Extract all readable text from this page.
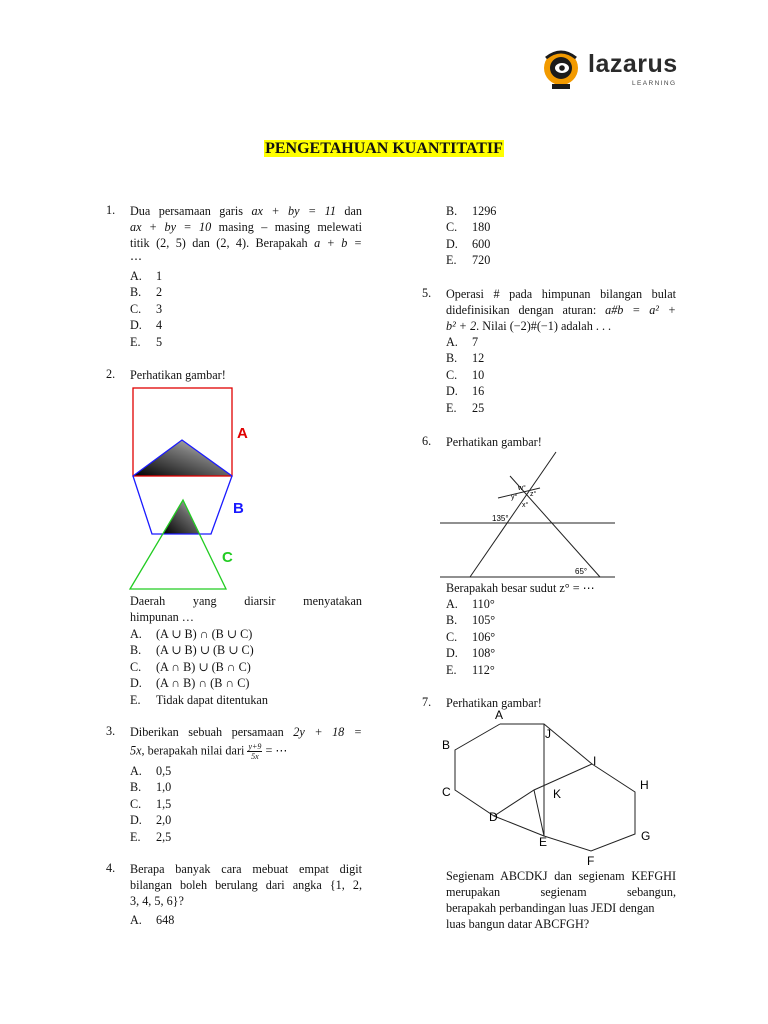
lazarus
LEARNING
PENGETAHUAN KUANTITATIF
1.	Dua persamaan garis ax + by = 11 dan
ax + by = 10 masing – masing melewati
titik (2, 5) dan (2, 4). Berapakah a + b =
⋯
A. 1
B. 2
C. 3
D. 4
E. 5
2.	Perhatikan gambar!
A
B
C
Daerah yang diarsir menyatakan
himpunan …
A. (A ∪ B) ∩ (B ∪ C)
B. (A ∪ B) ∪ (B ∪ C)
C. (A ∩ B) ∪ (B ∩ C)
D. (A ∩ B) ∩ (B ∩ C)
E. Tidak dapat ditentukan
3.	Diberikan sebuah persamaan 2y + 18 =
5x, berapakah nilai dari $\frac{y+9}{5x}$ = ⋯
A. 0,5
B. 1,0
C. 1,5
D. 2,0
E. 2,5
4.	Berapa banyak cara mebuat empat digit
bilangan boleh berulang dari angka {1, 2,
3, 4, 5, 6}?
A. 648
B. 1296
C. 180
D. 600
E. 720
5.	Operasi # pada himpunan bilangan bulat
didefinisikan dengan aturan: a#b = a² +
b² + 2. Nilai (−2)#(−1) adalah . . .
A. 7
B. 12
C. 10
D. 16
E. 25
6.	Perhatikan gambar!
w°
y° z°
x°
135°
65°
Berapakah besar sudut z° = ⋯
A. 110°
B. 105°
C. 106°
D. 108°
E. 112°
7.	Perhatikan gambar!
A
B
C
D
E
F
G
H
I
J
K
Segienam ABCDKJ dan segienam KEFGHI
merupakan	segienam	sebangun,
berapakah perbandingan luas JEDI dengan
luas bangun datar ABCFGH?
